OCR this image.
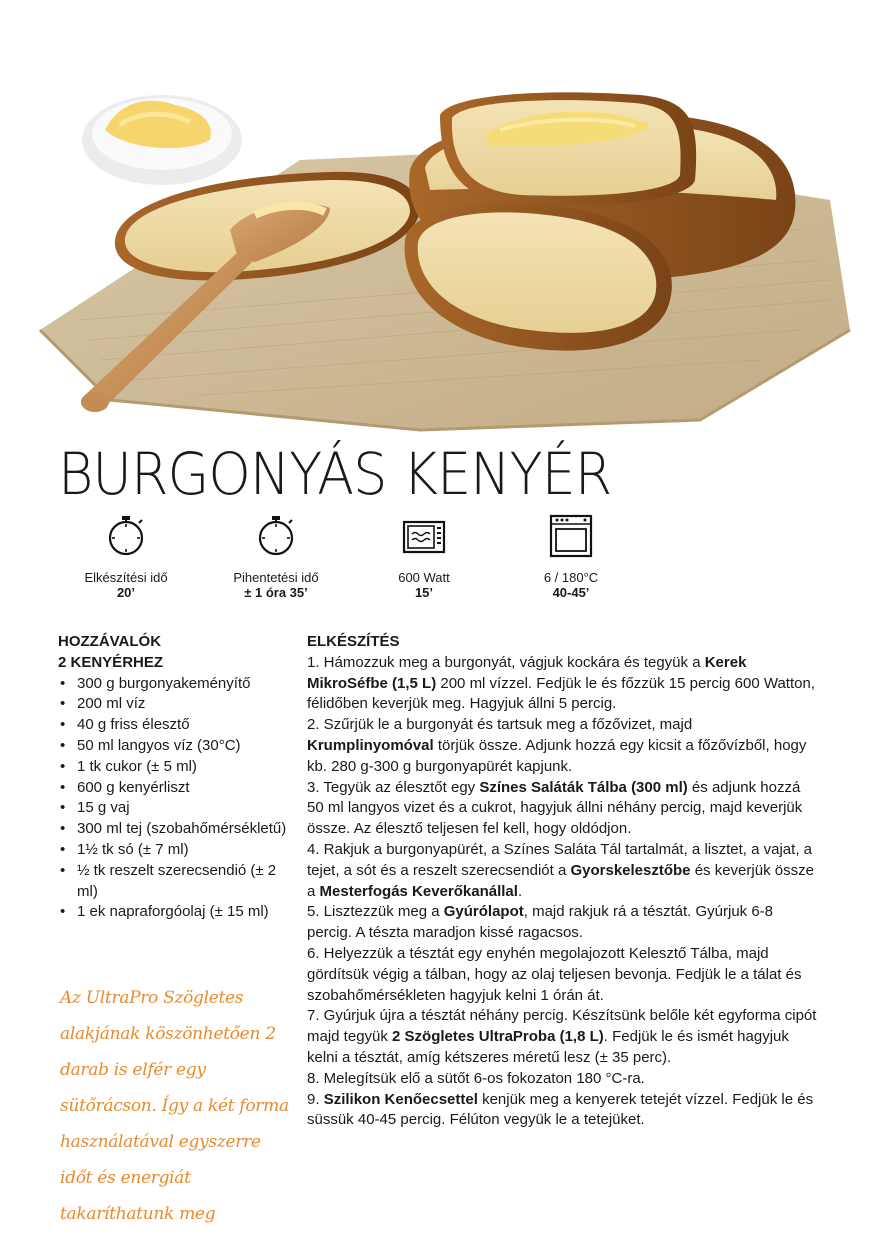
BURGONYÁS KENYÉR
Elkészítési idő
20’
Pihentetési idő
± 1 óra 35’
600 Watt
15’
6 / 180°C
40-45’
HOZZÁVALÓK
2 KENYÉRHEZ
• 300 g burgonyakeményítő
• 200 ml víz
• 40 g friss élesztő
• 50 ml langyos víz (30°C)
• 1 tk cukor (± 5 ml)
• 600 g kenyérliszt
• 15 g vaj
• 300 ml tej (szobahőmérsékletű)
• 1½ tk só (± 7 ml)
• ½ tk reszelt szerecsendió (± 2 ml)
• 1 ek napraforgóolaj (± 15 ml)
Az UltraPro Szögletes alakjának köszönhetően 2 darab is elfér egy sütőrácson. Így a két forma használatával egyszerre időt és energiát takaríthatunk meg
ELKÉSZÍTÉS

1. Hámozzuk meg a burgonyát, vágjuk kockára és tegyük a Kerek MikroSéfbe (1,5 L) 200 ml vízzel. Fedjük le és főzzük 15 percig 600 Watton, félidőben keverjük meg. Hagyjuk állni 5 percig.

2. Szűrjük le a burgonyát és tartsuk meg a főzővizet, majd Krumplinyomóval törjük össze. Adjunk hozzá egy kicsit a főzővízből, hogy kb. 280 g-300 g burgonyapürét kapjunk.

3. Tegyük az élesztőt egy Színes Saláták Tálba (300 ml) és adjunk hozzá 50 ml langyos vizet és a cukrot, hagyjuk állni néhány percig, majd keverjük össze. Az élesztő teljesen fel kell, hogy oldódjon.

4. Rakjuk a burgonyapürét, a Színes Saláta Tál tartalmát, a lisztet, a vajat, a tejet, a sót és a reszelt szerecsendiót a Gyorskelesztőbe és keverjük össze a Mesterfogás Keverőkanállal.

5. Lisztezzük meg a Gyúrólapot, majd rakjuk rá a tésztát. Gyúrjuk 6-8 percig. A tészta maradjon kissé ragacsos.

6. Helyezzük a tésztát egy enyhén megolajozott Kelesztő Tálba, majd gördítsük végig a tálban, hogy az olaj teljesen bevonja. Fedjük le a tálat és szobahőmérsékleten hagyjuk kelni 1 órán át.

7. Gyúrjuk újra a tésztát néhány percig. Készítsünk belőle két egyforma cipót majd tegyük 2 Szögletes UltraProba (1,8 L). Fedjük le és ismét hagyjuk kelni a tésztát, amíg kétszeres méretű lesz (± 35 perc).

8. Melegítsük elő a sütőt 6-os fokozaton 180 °C-ra.

9. Szilikon Kenőecsettel kenjük meg a kenyerek tetejét vízzel. Fedjük le és süssük 40-45 percig. Félúton vegyük le a tetejüket.
